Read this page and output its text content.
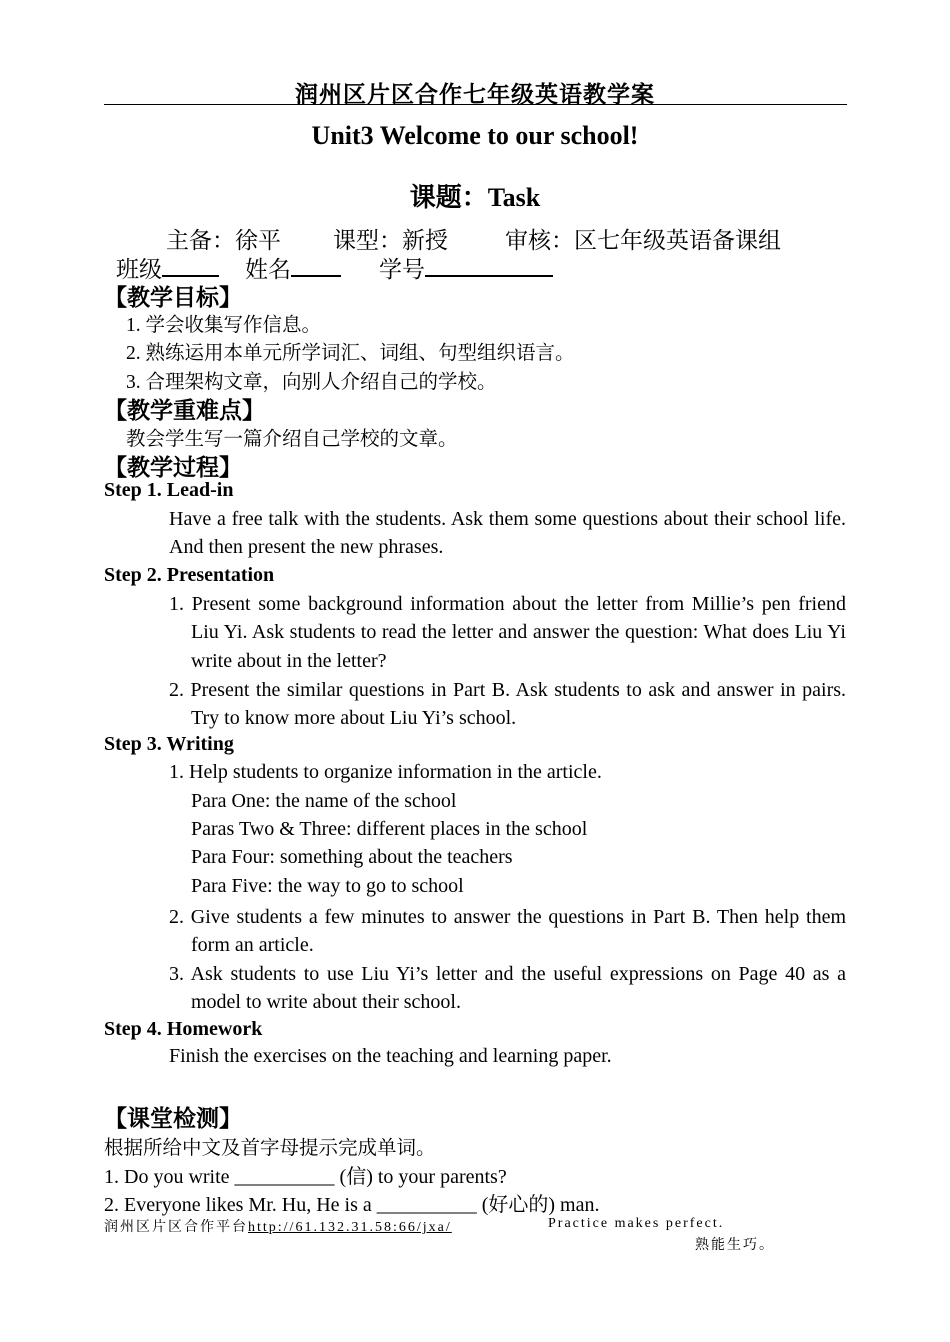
润州区片区合作七年级英语教学案
Unit3 Welcome to our school!
课题：Task
主备：徐平 课型：新授 审核：区七年级英语备课组
班级	姓名	学号
【教学目标】
1. 学会收集写作信息。
2. 熟练运用本单元所学词汇、词组、句型组织语言。
3. 合理架构文章，向别人介绍自己的学校。
【教学重难点】
教会学生写一篇介绍自己学校的文章。
【教学过程】
Step 1. Lead-in
Have a free talk with the students. Ask them some questions about their school life. And then present the new phrases.
Step 2. Presentation
1. Present some background information about the letter from Millie’s pen friend Liu Yi. Ask students to read the letter and answer the question: What does Liu Yi write about in the letter?
2. Present the similar questions in Part B. Ask students to ask and answer in pairs. Try to know more about Liu Yi’s school.
Step 3. Writing
1. Help students to organize information in the article.
Para One: the name of the school
Paras Two & Three: different places in the school
Para Four: something about the teachers
Para Five: the way to go to school
2. Give students a few minutes to answer the questions in Part B. Then help them form an article.
3. Ask students to use Liu Yi’s letter and the useful expressions on Page 40 as a model to write about their school.
Step 4. Homework
Finish the exercises on the teaching and learning paper.
【课堂检测】
根据所给中文及首字母提示完成单词。
1. Do you write __________ (信) to your parents?
2. Everyone likes Mr. Hu, He is a __________ (好心的) man.
润州区片区合作平台http://61.132.31.58:66/jxa/	Practice makes perfect.
熟能生巧。
